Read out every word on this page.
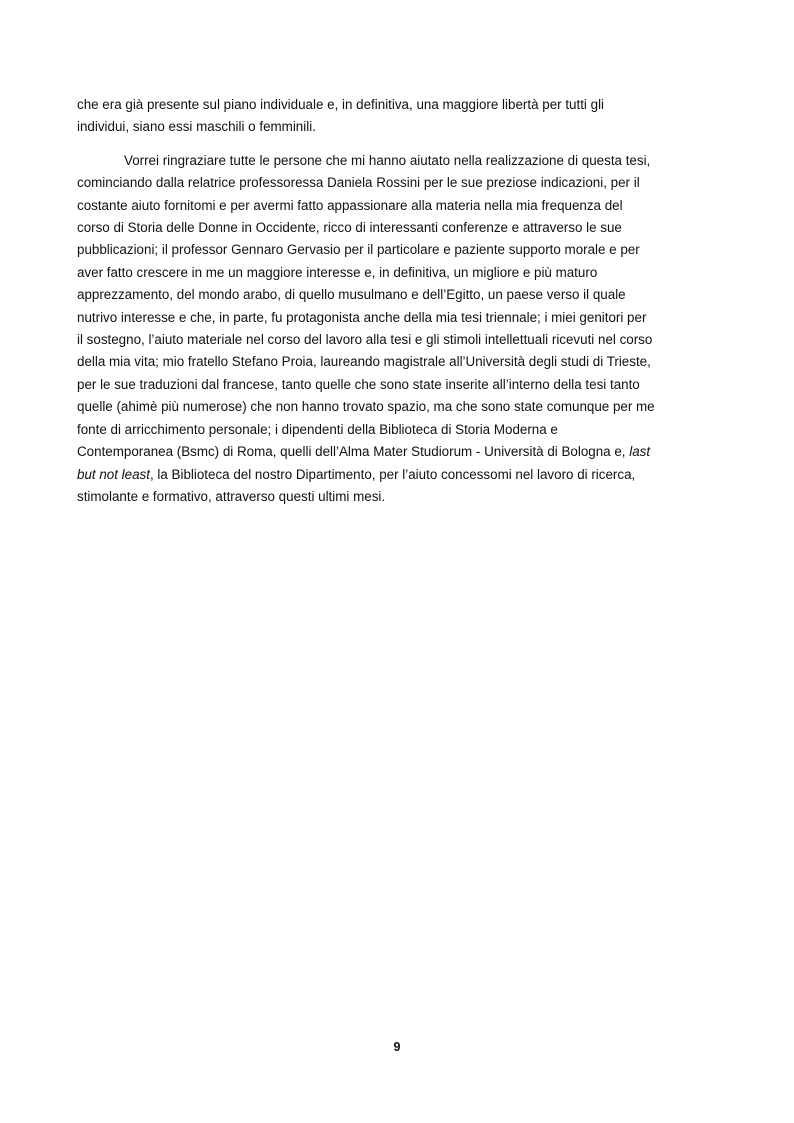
che era già presente sul piano individuale e, in definitiva, una maggiore libertà per tutti gli
individui, siano essi maschili o femminili.

Vorrei ringraziare tutte le persone che mi hanno aiutato nella realizzazione di questa tesi,
cominciando dalla relatrice professoressa Daniela Rossini per le sue preziose indicazioni, per il
costante aiuto fornitomi e per avermi fatto appassionare alla materia nella mia frequenza del
corso di Storia delle Donne in Occidente, ricco di interessanti conferenze e attraverso le sue
pubblicazioni; il professor Gennaro Gervasio per il particolare e paziente supporto morale e per
aver fatto crescere in me un maggiore interesse e, in definitiva, un migliore e più maturo
apprezzamento, del mondo arabo, di quello musulmano e dell’Egitto, un paese verso il quale
nutrivo interesse e che, in parte, fu protagonista anche della mia tesi triennale; i miei genitori per
il sostegno, l’aiuto materiale nel corso del lavoro alla tesi e gli stimoli intellettuali ricevuti nel corso
della mia vita; mio fratello Stefano Proia, laureando magistrale all’Università degli studi di Trieste,
per le sue traduzioni dal francese, tanto quelle che sono state inserite all’interno della tesi tanto
quelle (ahimè più numerose) che non hanno trovato spazio, ma che sono state comunque per me
fonte di arricchimento personale; i dipendenti della Biblioteca di Storia Moderna e
Contemporanea (Bsmc) di Roma, quelli dell’Alma Mater Studiorum - Università di Bologna e, last
but not least, la Biblioteca del nostro Dipartimento, per l’aiuto concessomi nel lavoro di ricerca,
stimolante e formativo, attraverso questi ultimi mesi.

9
